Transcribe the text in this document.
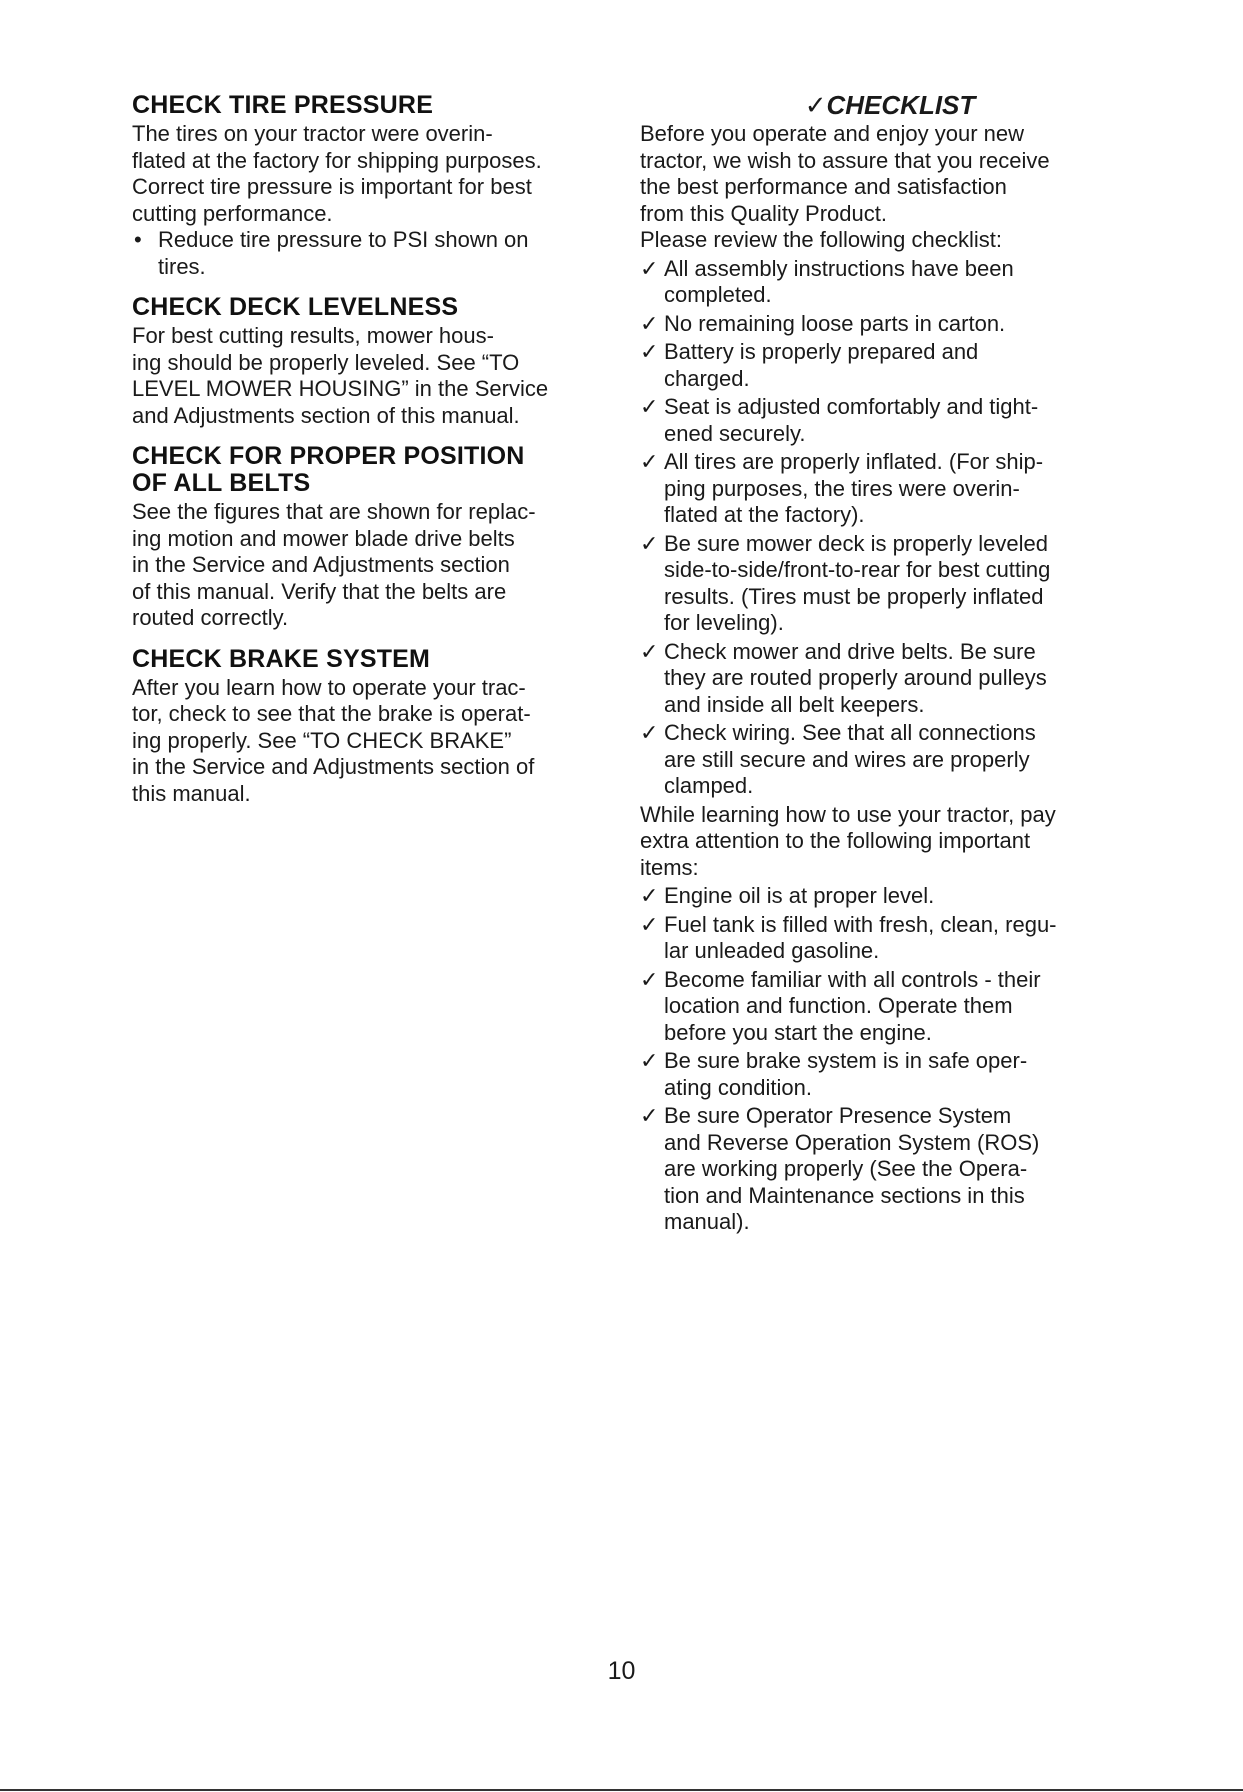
CHECK TIRE PRESSURE

The tires on your tractor were overin-
flated at the factory for shipping purposes.
Correct tire pressure is important for best
cutting performance.

• Reduce tire pressure to PSI shown on
tires.
CHECK DECK LEVELNESS

For best cutting results, mower hous-
ing should be properly leveled. See “TO
LEVEL MOWER HOUSING” in the Service
and Adjustments section of this manual.

CHECK FOR PROPER POSITION
OF ALL BELTS

See the figures that are shown for replac-
ing motion and mower blade drive belts
in the Service and Adjustments section
of this manual. Verify that the belts are
routed correctly.

CHECK BRAKE SYSTEM

After you learn how to operate your trac-
tor, check to see that the brake is operat-
ing properly. See “TO CHECK BRAKE”
in the Service and Adjustments section of
this manual.

✓CHECKLIST

Before you operate and enjoy your new
tractor, we wish to assure that you receive
the best performance and satisfaction
from this Quality Product.
Please review the following checklist:

✓ All assembly instructions have been
completed.
✓ No remaining loose parts in carton.
✓ Battery is properly prepared and
charged.
✓ Seat is adjusted comfortably and tight-
ened securely.
✓ All tires are properly inflated. (For ship-
ping purposes, the tires were overin-
flated at the factory).
✓ Be sure mower deck is properly leveled
side-to-side/front-to-rear for best cutting
results. (Tires must be properly inflated
for leveling).
✓ Check mower and drive belts. Be sure
they are routed properly around pulleys
and inside all belt keepers.
✓ Check wiring. See that all connections
are still secure and wires are properly
clamped.

While learning how to use your tractor, pay
extra attention to the following important
items:

✓ Engine oil is at proper level.
✓ Fuel tank is filled with fresh, clean, regu-
lar unleaded gasoline.
✓ Become familiar with all controls - their
location and function. Operate them
before you start the engine.
✓ Be sure brake system is in safe oper-
ating condition.
✓ Be sure Operator Presence System
and Reverse Operation System (ROS)
are working properly (See the Opera-
tion and Maintenance sections in this
manual).
10
